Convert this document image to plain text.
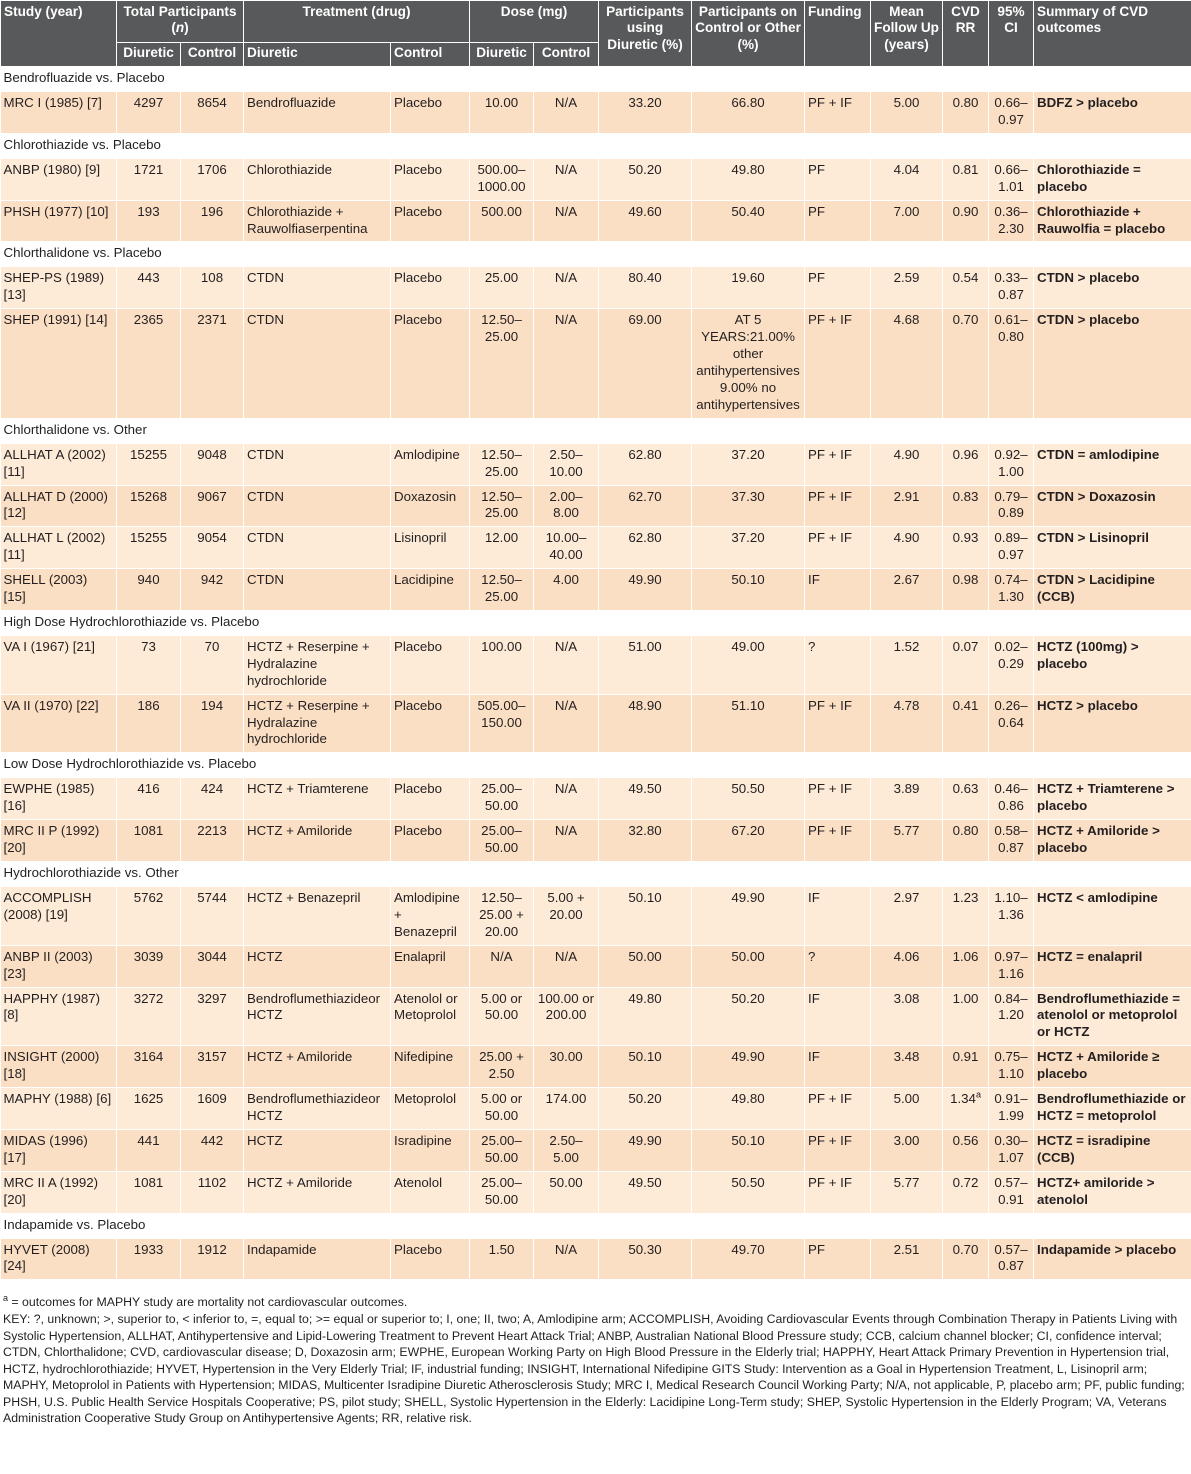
Study (year)	Total Participants (n)		Treatment (drug)		Dose (mg)		Participants using Diuretic (%)	Participants on Control or Other (%)	Funding	Mean Follow Up (years)	CVD RR	95% CI	Summary of CVD outcomes
	Diuretic	Control	Diuretic	Control	Diuretic	Control							
Bendrofluazide vs. Placebo													
MRC I (1985) [7]	4297	8654	Bendrofluazide	Placebo	10.00	N/A	33.20	66.80	PF + IF	5.00	0.80	0.66–0.97	BDFZ > placebo
Chlorothiazide vs. Placebo													
ANBP (1980) [9]	1721	1706	Chlorothiazide	Placebo	500.00–1000.00	N/A	50.20	49.80	PF	4.04	0.81	0.66–1.01	Chlorothiazide = placebo
PHSH (1977) [10]	193	196	Chlorothiazide + Rauwolfiaserpentina	Placebo	500.00	N/A	49.60	50.40	PF	7.00	0.90	0.36–2.30	Chlorothiazide + Rauwolfia = placebo
Chlorthalidone vs. Placebo													
SHEP-PS (1989) [13]	443	108	CTDN	Placebo	25.00	N/A	80.40	19.60	PF	2.59	0.54	0.33–0.87	CTDN > placebo
SHEP (1991) [14]	2365	2371	CTDN	Placebo	12.50–25.00	N/A	69.00	AT 5 YEARS:21.00% other antihypertensives 9.00% no antihypertensives	PF + IF	4.68	0.70	0.61–0.80	CTDN > placebo
Chlorthalidone vs. Other													
ALLHAT A (2002) [11]	15255	9048	CTDN	Amlodipine	12.50–25.00	2.50–10.00	62.80	37.20	PF + IF	4.90	0.96	0.92–1.00	CTDN = amlodipine
ALLHAT D (2000) [12]	15268	9067	CTDN	Doxazosin	12.50–25.00	2.00–8.00	62.70	37.30	PF + IF	2.91	0.83	0.79–0.89	CTDN > Doxazosin
ALLHAT L (2002) [11]	15255	9054	CTDN	Lisinopril	12.00	10.00–40.00	62.80	37.20	PF + IF	4.90	0.93	0.89–0.97	CTDN > Lisinopril
SHELL (2003) [15]	940	942	CTDN	Lacidipine	12.50–25.00	4.00	49.90	50.10	IF	2.67	0.98	0.74–1.30	CTDN > Lacidipine (CCB)
High Dose Hydrochlorothiazide vs. Placebo													
VA I (1967) [21]	73	70	HCTZ + Reserpine + Hydralazine hydrochloride	Placebo	100.00	N/A	51.00	49.00	?	1.52	0.07	0.02–0.29	HCTZ (100mg) > placebo
VA II (1970) [22]	186	194	HCTZ + Reserpine + Hydralazine hydrochloride	Placebo	505.00–150.00	N/A	48.90	51.10	PF + IF	4.78	0.41	0.26–0.64	HCTZ > placebo
Low Dose Hydrochlorothiazide vs. Placebo													
EWPHE (1985) [16]	416	424	HCTZ + Triamterene	Placebo	25.00–50.00	N/A	49.50	50.50	PF + IF	3.89	0.63	0.46–0.86	HCTZ + Triamterene > placebo
MRC II P (1992) [20]	1081	2213	HCTZ + Amiloride	Placebo	25.00–50.00	N/A	32.80	67.20	PF + IF	5.77	0.80	0.58–0.87	HCTZ + Amiloride > placebo
Hydrochlorothiazide vs. Other													
ACCOMPLISH (2008) [19]	5762	5744	HCTZ + Benazepril	Amlodipine + Benazepril	12.50–25.00 + 20.00	5.00 + 20.00	50.10	49.90	IF	2.97	1.23	1.10–1.36	HCTZ < amlodipine
ANBP II (2003) [23]	3039	3044	HCTZ	Enalapril	N/A	N/A	50.00	50.00	?	4.06	1.06	0.97–1.16	HCTZ = enalapril
HAPPHY (1987) [8]	3272	3297	Bendroflumethiazideor HCTZ	Atenolol or Metoprolol	5.00 or 50.00	100.00 or 200.00	49.80	50.20	IF	3.08	1.00	0.84–1.20	Bendroflumethiazide = atenolol or metoprolol or HCTZ
INSIGHT (2000) [18]	3164	3157	HCTZ + Amiloride	Nifedipine	25.00 + 2.50	30.00	50.10	49.90	IF	3.48	0.91	0.75–1.10	HCTZ + Amiloride ≥ placebo
MAPHY (1988) [6]	1625	1609	Bendroflumethiazideor HCTZ	Metoprolol	5.00 or 50.00	174.00	50.20	49.80	PF + IF	5.00	1.34$^a$	0.91–1.99	Bendroflumethiazide or HCTZ = metoprolol
MIDAS (1996) [17]	441	442	HCTZ	Isradipine	25.00–50.00	2.50–5.00	49.90	50.10	PF + IF	3.00	0.56	0.30–1.07	HCTZ = isradipine (CCB)
MRC II A (1992) [20]	1081	1102	HCTZ + Amiloride	Atenolol	25.00–50.00	50.00	49.50	50.50	PF + IF	5.77	0.72	0.57–0.91	HCTZ+ amiloride > atenolol
Indapamide vs. Placebo													
HYVET (2008) [24]	1933	1912	Indapamide	Placebo	1.50	N/A	50.30	49.70	PF	2.51	0.70	0.57–0.87	Indapamide > placebo

$^a$ = outcomes for MAPHY study are mortality not cardiovascular outcomes.

KEY: ?, unknown; >, superior to, < inferior to, =, equal to; >= equal or superior to; I, one; II, two; A, Amlodipine arm; ACCOMPLISH, Avoiding Cardiovascular Events through Combination Therapy in Patients Living with Systolic Hypertension, ALLHAT, Antihypertensive and Lipid-Lowering Treatment to Prevent Heart Attack Trial; ANBP, Australian National Blood Pressure study; CCB, calcium channel blocker; CI, confidence interval; CTDN, Chlorthalidone; CVD, cardiovascular disease; D, Doxazosin arm; EWPHE, European Working Party on High Blood Pressure in the Elderly trial; HAPPHY, Heart Attack Primary Prevention in Hypertension trial, HCTZ, hydrochlorothiazide; HYVET, Hypertension in the Very Elderly Trial; IF, industrial funding; INSIGHT, International Nifedipine GITS Study: Intervention as a Goal in Hypertension Treatment, L, Lisinopril arm; MAPHY, Metoprolol in Patients with Hypertension; MIDAS, Multicenter Isradipine Diuretic Atherosclerosis Study; MRC I, Medical Research Council Working Party; N/A, not applicable, P, placebo arm; PF, public funding; PHSH, U.S. Public Health Service Hospitals Cooperative; PS, pilot study; SHELL, Systolic Hypertension in the Elderly: Lacidipine Long-Term study; SHEP, Systolic Hypertension in the Elderly Program; VA, Veterans Administration Cooperative Study Group on Antihypertensive Agents; RR, relative risk.
